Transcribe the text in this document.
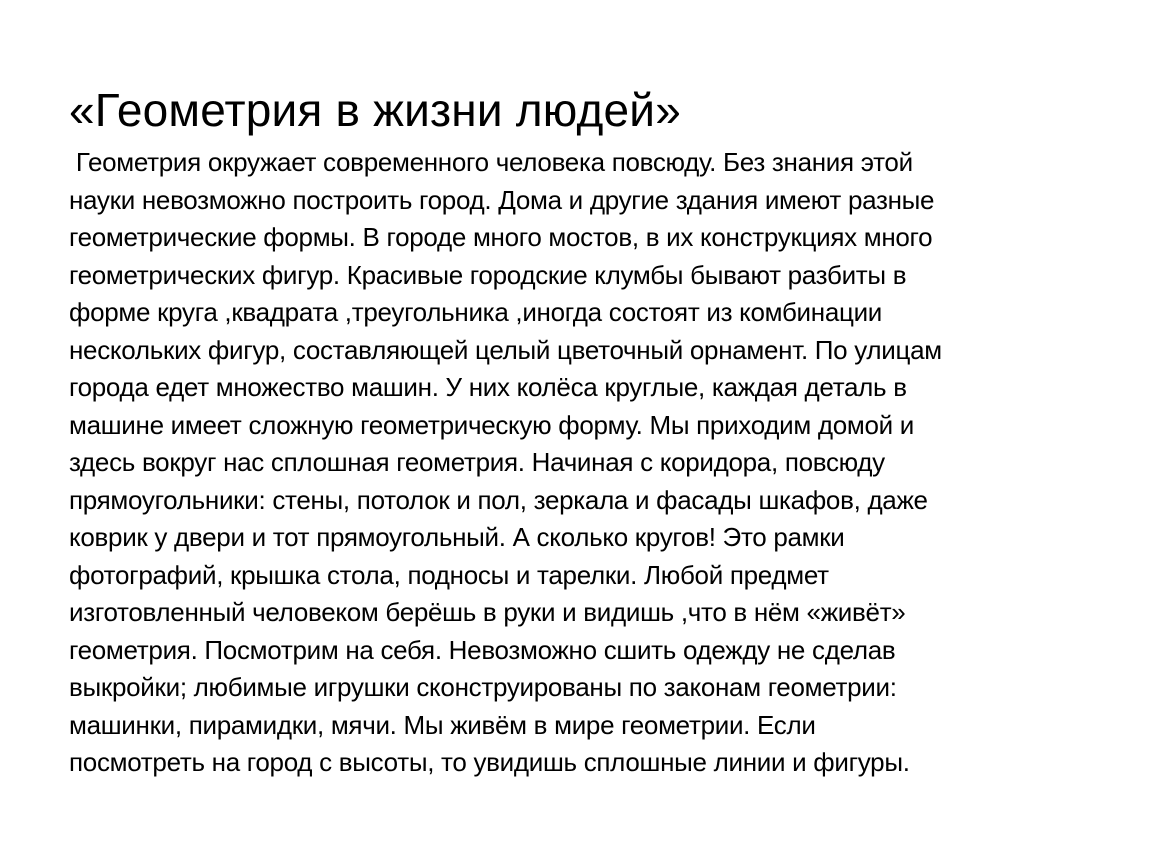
«Геометрия в жизни людей»
Геометрия окружает современного человека повсюду. Без знания этой
науки невозможно построить город. Дома и другие здания имеют разные
геометрические формы. В городе много мостов, в их конструкциях много
геометрических фигур. Красивые городские клумбы бывают разбиты в
форме круга ,квадрата ,треугольника ,иногда состоят из комбинации
нескольких фигур, составляющей целый цветочный орнамент. По улицам
города едет множество машин. У них колёса круглые, каждая деталь в
машине имеет сложную геометрическую форму. Мы приходим домой и
здесь вокруг нас сплошная геометрия. Начиная с коридора, повсюду
прямоугольники: стены, потолок и пол, зеркала и фасады шкафов, даже
коврик у двери и тот прямоугольный. А сколько кругов! Это рамки
фотографий, крышка стола, подносы и тарелки. Любой предмет
изготовленный человеком берёшь в руки и видишь ,что в нём «живёт»
геометрия. Посмотрим на себя. Невозможно сшить одежду не сделав
выкройки; любимые игрушки сконструированы по законам геометрии:
машинки, пирамидки, мячи. Мы живём в мире геометрии. Если
посмотреть на город с высоты, то увидишь сплошные линии и фигуры.
